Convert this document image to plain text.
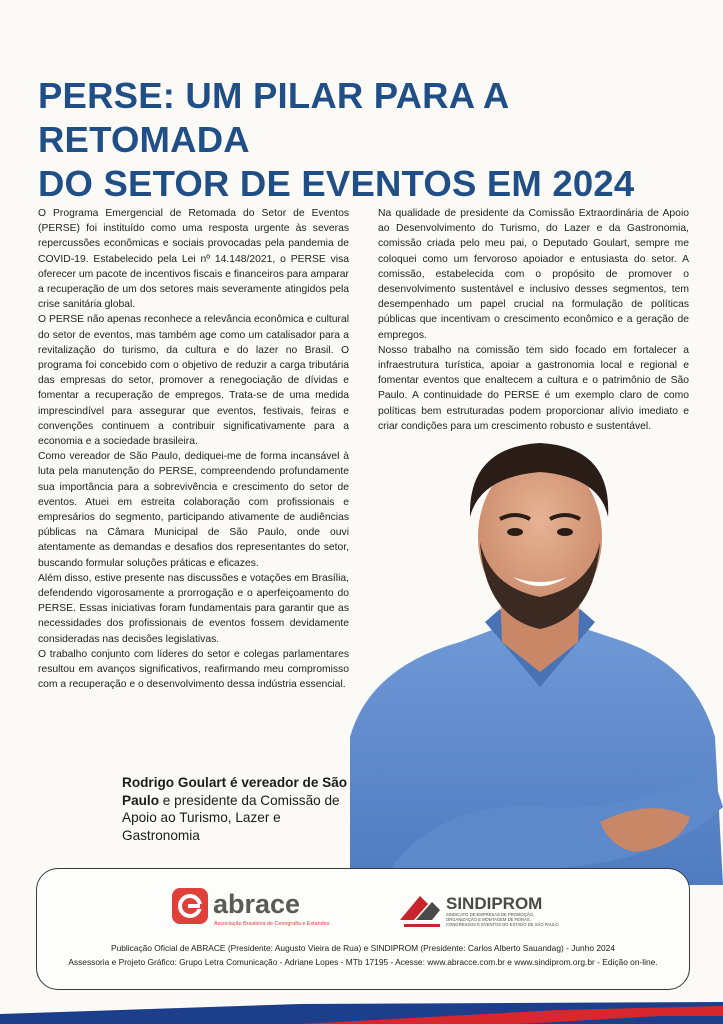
PERSE: UM PILAR PARA A RETOMADA
DO SETOR DE EVENTOS EM 2024

O Programa Emergencial de Retomada do Setor de Eventos (PERSE) foi instituído como uma resposta urgente às severas repercussões econômicas e sociais provocadas pela pandemia de COVID-19. Estabelecido pela Lei nº 14.148/2021, o PERSE visa oferecer um pacote de incentivos fiscais e financeiros para amparar a recuperação de um dos setores mais severamente atingidos pela crise sanitária global.

O PERSE não apenas reconhece a relevância econômica e cultural do setor de eventos, mas também age como um catalisador para a revitalização do turismo, da cultura e do lazer no Brasil. O programa foi concebido com o objetivo de reduzir a carga tributária das empresas do setor, promover a renegociação de dívidas e fomentar a recuperação de empregos. Trata-se de uma medida imprescindível para assegurar que eventos, festivais, feiras e convenções continuem a contribuir significativamente para a economia e a sociedade brasileira.

Como vereador de São Paulo, dediquei-me de forma incansável à luta pela manutenção do PERSE, compreendendo profundamente sua importância para a sobrevivência e crescimento do setor de eventos. Atuei em estreita colaboração com profissionais e empresários do segmento, participando ativamente de audiências públicas na Câmara Municipal de São Paulo, onde ouvi atentamente as demandas e desafios dos representantes do setor, buscando formular soluções práticas e eficazes.

Além disso, estive presente nas discussões e votações em Brasília, defendendo vigorosamente a prorrogação e o aperfeiçoamento do PERSE. Essas iniciativas foram fundamentais para garantir que as necessidades dos profissionais de eventos fossem devidamente consideradas nas decisões legislativas.

O trabalho conjunto com líderes do setor e colegas parlamentares resultou em avanços significativos, reafirmando meu compromisso com a recuperação e o desenvolvimento dessa indústria essencial.

Na qualidade de presidente da Comissão Extraordinária de Apoio ao Desenvolvimento do Turismo, do Lazer e da Gastronomia, comissão criada pelo meu pai, o Deputado Goulart, sempre me coloquei como um fervoroso apoiador e entusiasta do setor. A comissão, estabelecida com o propósito de promover o desenvolvimento sustentável e inclusivo desses segmentos, tem desempenhado um papel crucial na formulação de políticas públicas que incentivam o crescimento econômico e a geração de empregos.

Nosso trabalho na comissão tem sido focado em fortalecer a infraestrutura turística, apoiar a gastronomia local e regional e fomentar eventos que enaltecem a cultura e o patrimônio de São Paulo. A continuidade do PERSE é um exemplo claro de como políticas bem estruturadas podem proporcionar alívio imediato e criar condições para um crescimento robusto e sustentável.

Rodrigo Goulart é vereador de São Paulo e presidente da Comissão de Apoio ao Turismo, Lazer e Gastronomia
abrace
Associação Brasileira de Cenografia e Estandes
SINDIPROM
SINDICATO DE EMPRESAS DE PROMOÇÃO,
ORGANIZAÇÃO E MONTAGEM DE FEIRAS,
CONGRESSOS E EVENTOS DO ESTADO DE SÃO PAULO
Publicação Oficial de ABRACE (Presidente: Augusto Vieira de Rua) e SINDIPROM (Presidente: Carlos Alberto Sauandag) - Junho 2024
Assessoria e Projeto Gráfico: Grupo Letra Comunicação - Adriane Lopes - MTb 17195 - Acesse: www.abracce.com.br e www.sindiprom.org.br - Edição on-line.
